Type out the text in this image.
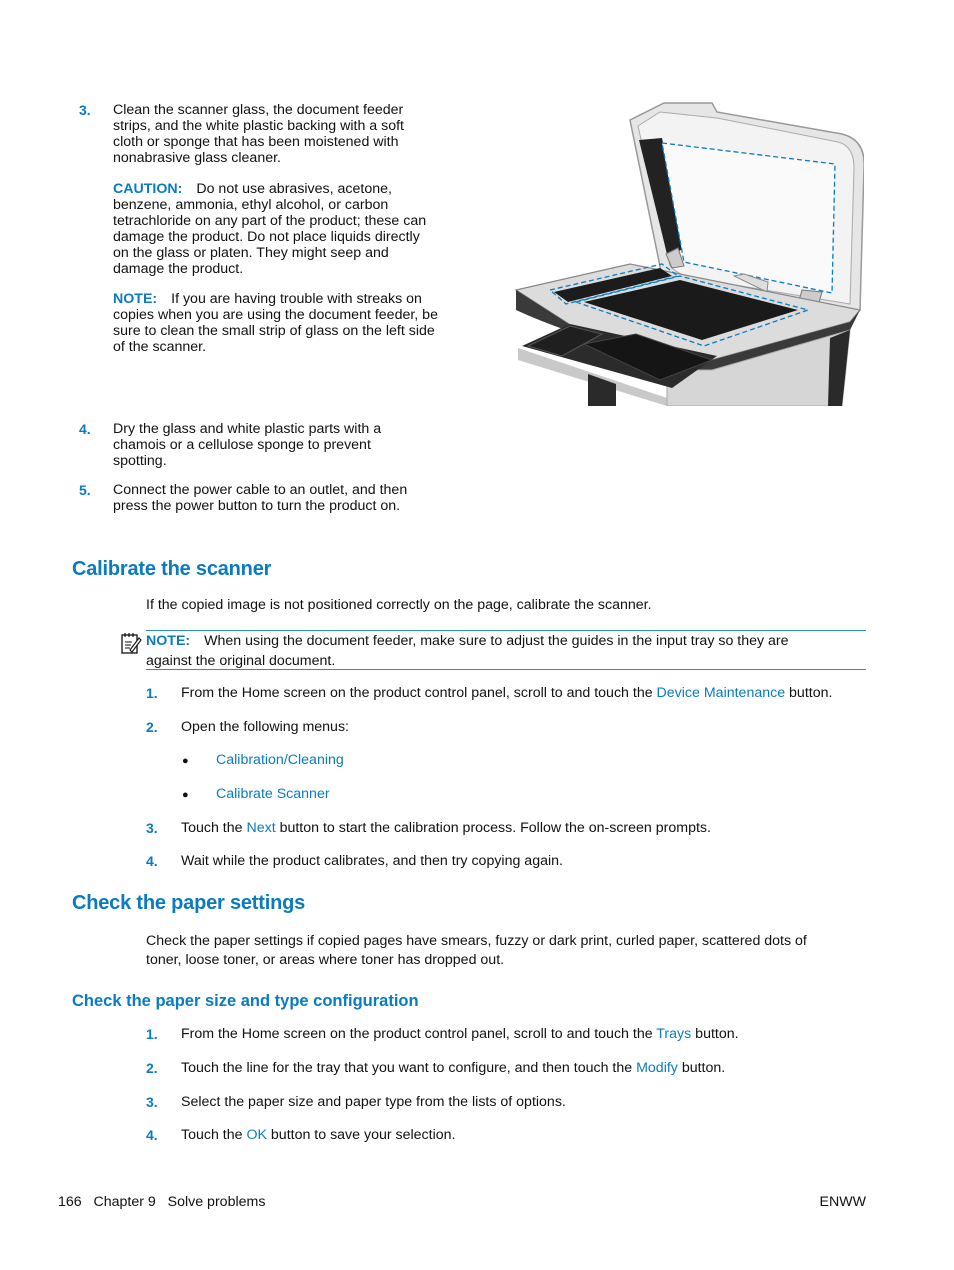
3. Clean the scanner glass, the document feeder strips, and the white plastic backing with a soft cloth or sponge that has been moistened with nonabrasive glass cleaner.
CAUTION: Do not use abrasives, acetone, benzene, ammonia, ethyl alcohol, or carbon tetrachloride on any part of the product; these can damage the product. Do not place liquids directly on the glass or platen. They might seep and damage the product.
NOTE: If you are having trouble with streaks on copies when you are using the document feeder, be sure to clean the small strip of glass on the left side of the scanner.
4. Dry the glass and white plastic parts with a chamois or a cellulose sponge to prevent spotting.
5. Connect the power cable to an outlet, and then press the power button to turn the product on.
Calibrate the scanner
If the copied image is not positioned correctly on the page, calibrate the scanner.
NOTE: When using the document feeder, make sure to adjust the guides in the input tray so they are against the original document.
1. From the Home screen on the product control panel, scroll to and touch the Device Maintenance button.
2. Open the following menus:
● Calibration/Cleaning
● Calibrate Scanner
3. Touch the Next button to start the calibration process. Follow the on-screen prompts.
4. Wait while the product calibrates, and then try copying again.
Check the paper settings
Check the paper settings if copied pages have smears, fuzzy or dark print, curled paper, scattered dots of toner, loose toner, or areas where toner has dropped out.
Check the paper size and type configuration
1. From the Home screen on the product control panel, scroll to and touch the Trays button.
2. Touch the line for the tray that you want to configure, and then touch the Modify button.
3. Select the paper size and paper type from the lists of options.
4. Touch the OK button to save your selection.
166   Chapter 9   Solve problems	ENWW
